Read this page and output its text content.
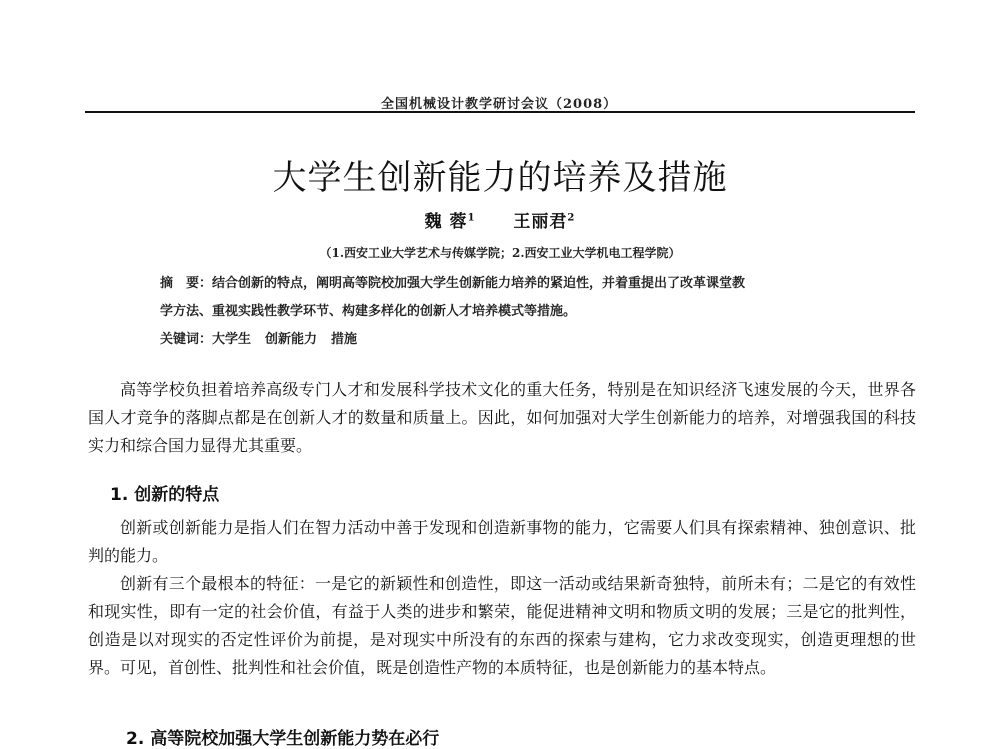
全国机械设计教学研讨会议（2008）
大学生创新能力的培养及措施
魏 蓉$^1$ 王丽君$^2$
（1.西安工业大学艺术与传媒学院；2.西安工业大学机电工程学院）
摘　要：结合创新的特点，阐明高等院校加强大学生创新能力培养的紧迫性，并着重提出了改革课堂教
学方法、重视实践性教学环节、构建多样化的创新人才培养模式等措施。
关键词：大学生 创新能力 措施
高等学校负担着培养高级专门人才和发展科学技术文化的重大任务，特别是在知识经济飞速发展的今天，世界各国人才竞争的落脚点都是在创新人才的数量和质量上。因此，如何加强对大学生创新能力的培养，对增强我国的科技实力和综合国力显得尤其重要。
1. 创新的特点
创新或创新能力是指人们在智力活动中善于发现和创造新事物的能力，它需要人们具有探索精神、独创意识、批判的能力。
创新有三个最根本的特征：一是它的新颖性和创造性，即这一活动或结果新奇独特，前所未有；二是它的有效性和现实性，即有一定的社会价值，有益于人类的进步和繁荣，能促进精神文明和物质文明的发展；三是它的批判性，创造是以对现实的否定性评价为前提，是对现实中所没有的东西的探索与建构，它力求改变现实，创造更理想的世界。可见，首创性、批判性和社会价值，既是创造性产物的本质特征，也是创新能力的基本特点。
2. 高等院校加强大学生创新能力势在必行
